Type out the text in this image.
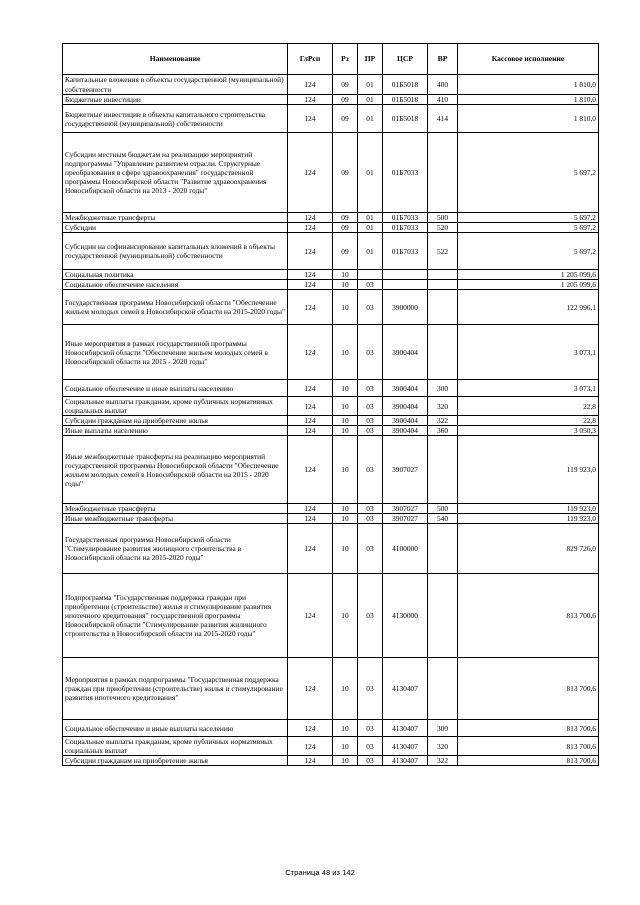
Наименование	ГлРсп	Рз	ПР	ЦСР	ВР	Кассовое исполнение
Капитальные вложения в объекты государственной (муниципальной) собственности	124	09	01	01Б5018	400	1 810,0
Бюджетные инвестиции	124	09	01	01Б5018	410	1 810,0
Бюджетные инвестиции в объекты капитального строительства государственной (муниципальной) собственности	124	09	01	01Б5018	414	1 810,0
Субсидии местным бюджетам на реализацию мероприятий подпрограммы "Управление развитием отрасли. Структурные преобразования в сфере здравоохранения" государственной программы Новосибирской области "Развитие здравоохранения Новосибирской области на 2013 - 2020 годы"	124	09	01	01Б7033		5 697,2
Межбюджетные трансферты	124	09	01	01Б7033	500	5 697,2
Субсидии	124	09	01	01Б7033	520	5 697,2
Субсидии на софинансирование капитальных вложений в объекты государственной (муниципальной) собственности	124	09	01	01Б7033	522	5 697,2
Социальная политика	124	10				1 205 099,6
Социальное обеспечение населения	124	10	03			1 205 099,6
Государственная программа Новосибирской области "Обеспечение жильем молодых семей в Новосибирской области на 2015-2020 годы"	124	10	03	3900000		122 996,1
Иные мероприятия в рамках государственной программы Новосибирской области "Обеспечение жильем молодых семей в Новосибирской области на 2015 - 2020 годы"	124	10	03	3900404		3 073,1
Социальное обеспечение и иные выплаты населению	124	10	03	3900404	300	3 073,1
Социальные выплаты гражданам, кроме публичных нормативных социальных выплат	124	10	03	3900404	320	22,8
Субсидии гражданам на приобретение жилья	124	10	03	3900404	322	22,8
Иные выплаты населению	124	10	03	3900404	360	3 050,3
Иные межбюджетные трансферты на реализацию мероприятий государственной программы Новосибирской области "Обеспечение жильем молодых семей в Новосибирской области на 2015 - 2020 годы"	124	10	03	3907027		119 923,0
Межбюджетные трансферты	124	10	03	3907027	500	119 923,0
Иные межбюджетные трансферты	124	10	03	3907027	540	119 923,0
Государственная программа Новосибирской области "Стимулирование развития жилищного строительства в Новосибирской области на 2015-2020 годы"	124	10	03	4100000		829 726,0
Подпрограмма "Государственная поддержка граждан при приобретении (строительстве) жилья и стимулирование развития ипотечного кредитования" государственной программы Новосибирской области "Стимулирование развития жилищного строительства в Новосибирской области на 2015-2020 годы"	124	10	03	4130000		813 700,6
Мероприятия в рамках подпрограммы "Государственная поддержка граждан при приобретении (строительстве) жилья и стимулирование развития ипотечного кредитования"	124	10	03	4130407		813 700,6
Социальное обеспечение и иные выплаты населению	124	10	03	4130407	300	813 700,6
Социальные выплаты гражданам, кроме публичных нормативных социальных выплат	124	10	03	4130407	320	813 700,6
Субсидии гражданам на приобретение жилья	124	10	03	4130407	322	813 700,6
Страница 48 из 142
